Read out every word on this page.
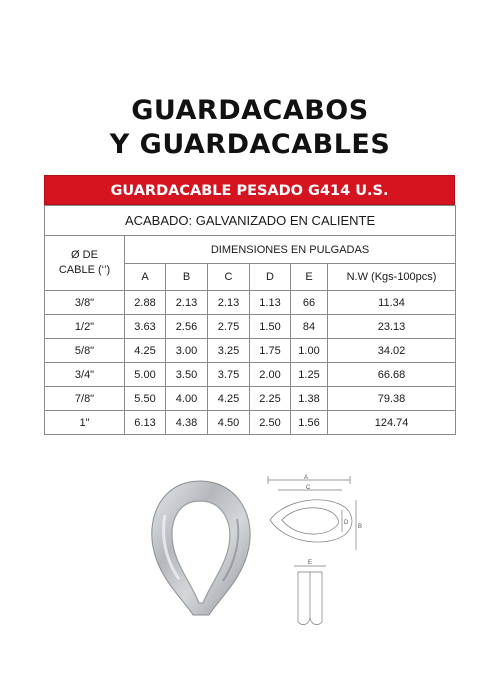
GUARDACABOS
Y GUARDACABLES
GUARDACABLE PESADO G414 U.S.
ACABADO: GALVANIZADO EN CALIENTE						
Ø DE CABLE (‘’)	DIMENSIONES EN PULGADAS					
	A	B	C	D	E	N.W (Kgs-100pcs)
3/8"	2.88	2.13	2.13	1.13	66	11.34
1/2"	3.63	2.56	2.75	1.50	84	23.13
5/8"	4.25	3.00	3.25	1.75	1.00	34.02
3/4"	5.00	3.50	3.75	2.00	1.25	66.68
7/8"	5.50	4.00	4.25	2.25	1.38	79.38
1"	6.13	4.38	4.50	2.50	1.56	124.74
A
C
B
D
E
